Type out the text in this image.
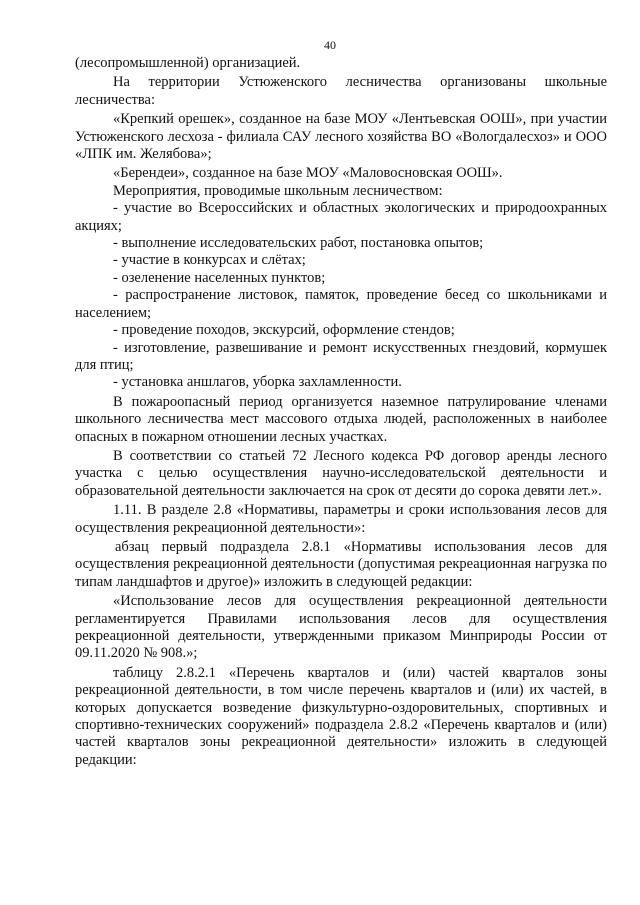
40

(лесопромышленной) организацией.

На территории Устюженского лесничества организованы школьные лесничества:

«Крепкий орешек», созданное на базе МОУ «Лентьевская ООШ», при участии Устюженского лесхоза - филиала САУ лесного хозяйства ВО «Вологдалесхоз» и ООО «ЛПК им. Желябова»;

«Берендеи», созданное на базе МОУ «Маловосновская ООШ».

Мероприятия, проводимые школьным лесничеством:

- участие во Всероссийских и областных экологических и природоохранных акциях;

- выполнение исследовательских работ, постановка опытов;

- участие в конкурсах и слётах;

- озеленение населенных пунктов;

- распространение листовок, памяток, проведение бесед со школьниками и населением;

- проведение походов, экскурсий, оформление стендов;

- изготовление, развешивание и ремонт искусственных гнездовий, кормушек для птиц;

- установка аншлагов, уборка захламленности.

В пожароопасный период организуется наземное патрулирование членами школьного лесничества мест массового отдыха людей, расположенных в наиболее опасных в пожарном отношении лесных участках.

В соответствии со статьей 72 Лесного кодекса РФ договор аренды лесного участка с целью осуществления научно-исследовательской деятельности и образовательной деятельности заключается на срок от десяти до сорока девяти лет.».

1.11. В разделе 2.8 «Нормативы, параметры и сроки использования лесов для осуществления рекреационной деятельности»:

абзац первый подраздела 2.8.1 «Нормативы использования лесов для осуществления рекреационной деятельности (допустимая рекреационная нагрузка по типам ландшафтов и другое)» изложить в следующей редакции:

«Использование лесов для осуществления рекреационной деятельности регламентируется Правилами использования лесов для осуществления рекреационной деятельности, утвержденными приказом Минприроды России от 09.11.2020 № 908.»;

таблицу 2.8.2.1 «Перечень кварталов и (или) частей кварталов зоны рекреационной деятельности, в том числе перечень кварталов и (или) их частей, в которых допускается возведение физкультурно-оздоровительных, спортивных и спортивно-технических сооружений» подраздела 2.8.2 «Перечень кварталов и (или) частей кварталов зоны рекреационной деятельности» изложить в следующей редакции:
